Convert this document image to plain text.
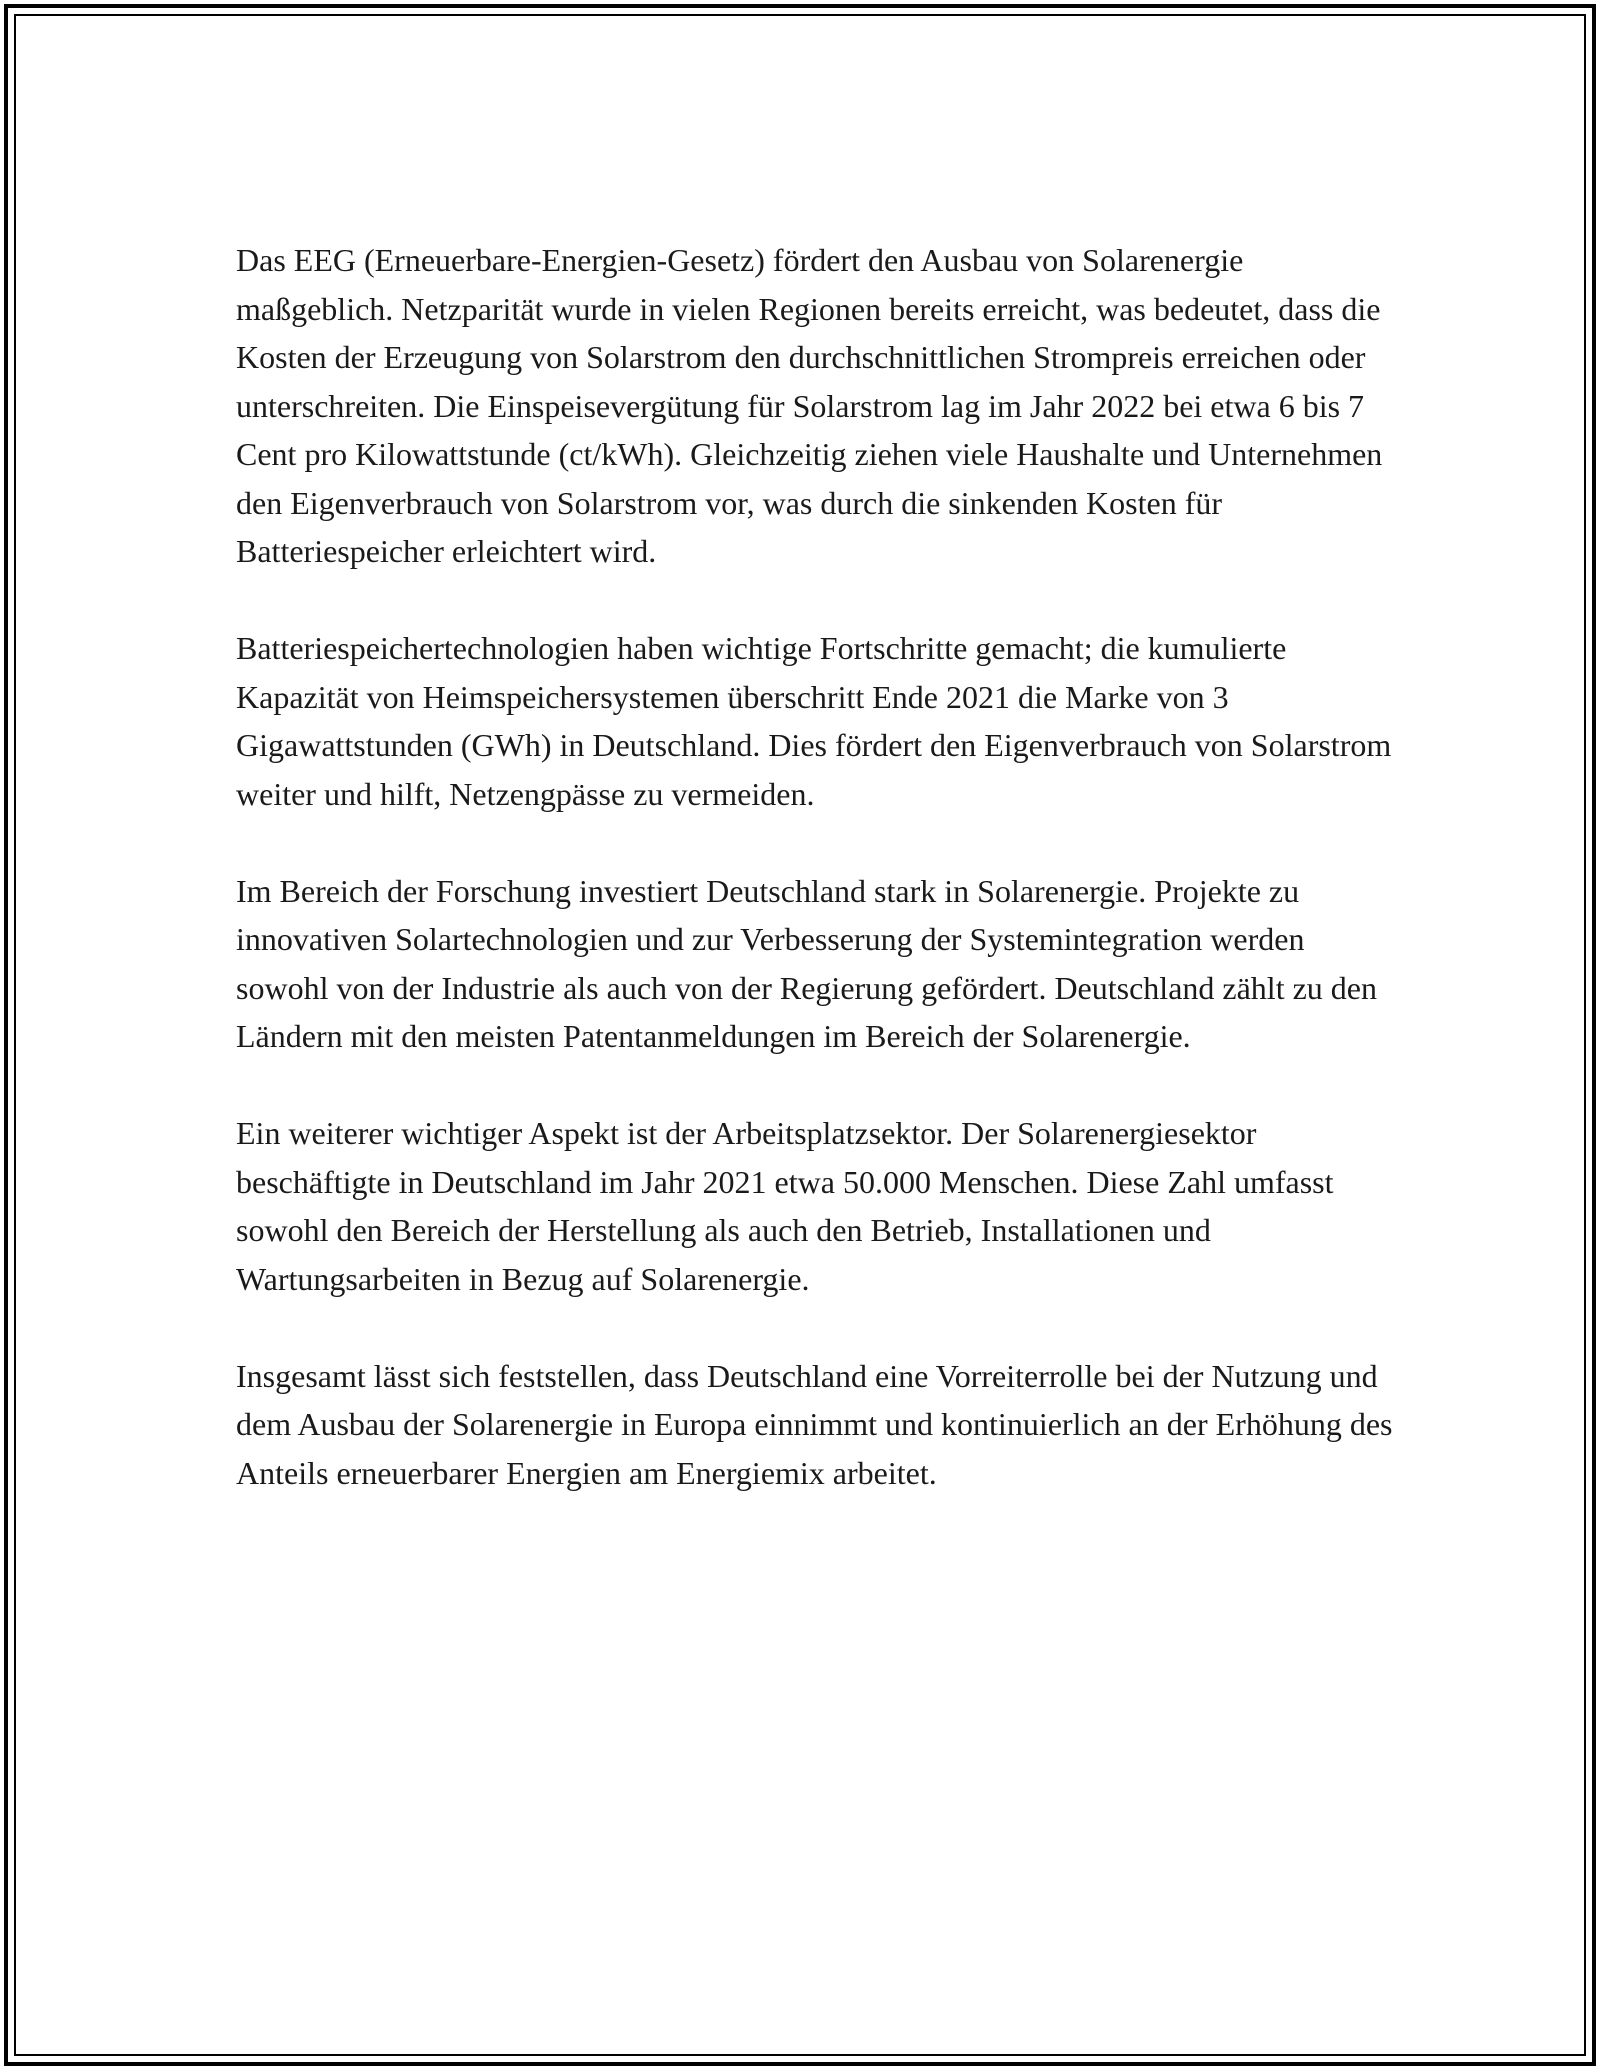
Das EEG (Erneuerbare-Energien-Gesetz) fördert den Ausbau von Solarenergie maßgeblich. Netzparität wurde in vielen Regionen bereits erreicht, was bedeutet, dass die Kosten der Erzeugung von Solarstrom den durchschnittlichen Strompreis erreichen oder unterschreiten. Die Einspeisevergütung für Solarstrom lag im Jahr 2022 bei etwa 6 bis 7 Cent pro Kilowattstunde (ct/kWh). Gleichzeitig ziehen viele Haushalte und Unternehmen den Eigenverbrauch von Solarstrom vor, was durch die sinkenden Kosten für Batteriespeicher erleichtert wird.

Batteriespeichertechnologien haben wichtige Fortschritte gemacht; die kumulierte Kapazität von Heimspeichersystemen überschritt Ende 2021 die Marke von 3 Gigawattstunden (GWh) in Deutschland. Dies fördert den Eigenverbrauch von Solarstrom weiter und hilft, Netzengpässe zu vermeiden.

Im Bereich der Forschung investiert Deutschland stark in Solarenergie. Projekte zu innovativen Solartechnologien und zur Verbesserung der Systemintegration werden sowohl von der Industrie als auch von der Regierung gefördert. Deutschland zählt zu den Ländern mit den meisten Patentanmeldungen im Bereich der Solarenergie.

Ein weiterer wichtiger Aspekt ist der Arbeitsplatzsektor. Der Solarenergiesektor beschäftigte in Deutschland im Jahr 2021 etwa 50.000 Menschen. Diese Zahl umfasst sowohl den Bereich der Herstellung als auch den Betrieb, Installationen und Wartungsarbeiten in Bezug auf Solarenergie.

Insgesamt lässt sich feststellen, dass Deutschland eine Vorreiterrolle bei der Nutzung und dem Ausbau der Solarenergie in Europa einnimmt und kontinuierlich an der Erhöhung des Anteils erneuerbarer Energien am Energiemix arbeitet.
